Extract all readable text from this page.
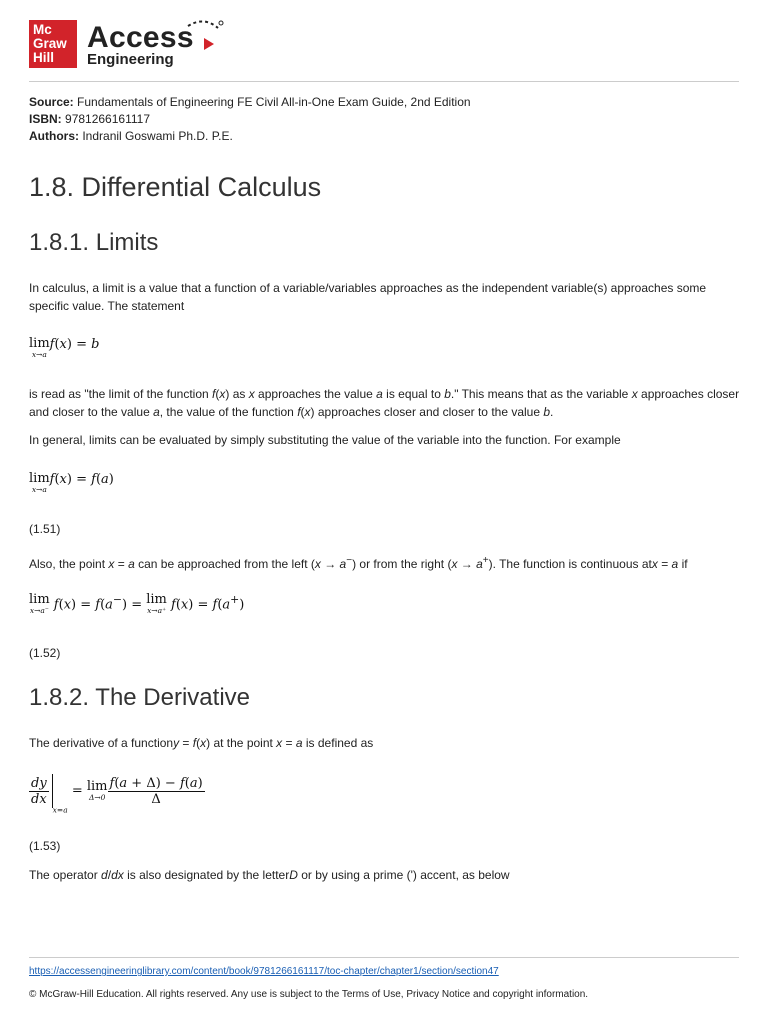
Mc
Graw
Hill
Access
Engineering
Source: Fundamentals of Engineering FE Civil All-in-One Exam Guide, 2nd Edition
ISBN: 9781266161117
Authors: Indranil Goswami Ph.D. P.E.
1.8. Differential Calculus
1.8.1. Limits
In calculus, a limit is a value that a function of a variable/variables approaches as the independent variable(s) approaches some specific value. The statement
lim
x→a
f(x) = b
is read as "the limit of the function f(x) as x approaches the value a is equal to b." This means that as the variable x approaches closer and closer to the value a, the value of the function f(x) approaches closer and closer to the value b.
In general, limits can be evaluated by simply substituting the value of the variable into the function. For example
lim
x→a
f(x) = f(a)
(1.51)
Also, the point x = a can be approached from the left (x → a−) or from the right (x → a+). The function is continuous atx = a if
lim
x→a⁻ f(x) = f(a−) = lim
x→a⁺ f(x) = f(a+)
(1.52)
1.8.2. The Derivative
The derivative of a functiony = f(x) at the point x = a is defined as
$\frac{dy}{dx}$
$_{x=a}$ = lim
$\Delta\to 0 \frac{f(a + \Delta) - f(a)}{\Delta}$
(1.53)
The operator d/dx is also designated by the letterD or by using a prime (') accent, as below
https://accessengineeringlibrary.com/content/book/9781266161117/toc-chapter/chapter1/section/section47
© McGraw-Hill Education. All rights reserved. Any use is subject to the Terms of Use, Privacy Notice and copyright information.
